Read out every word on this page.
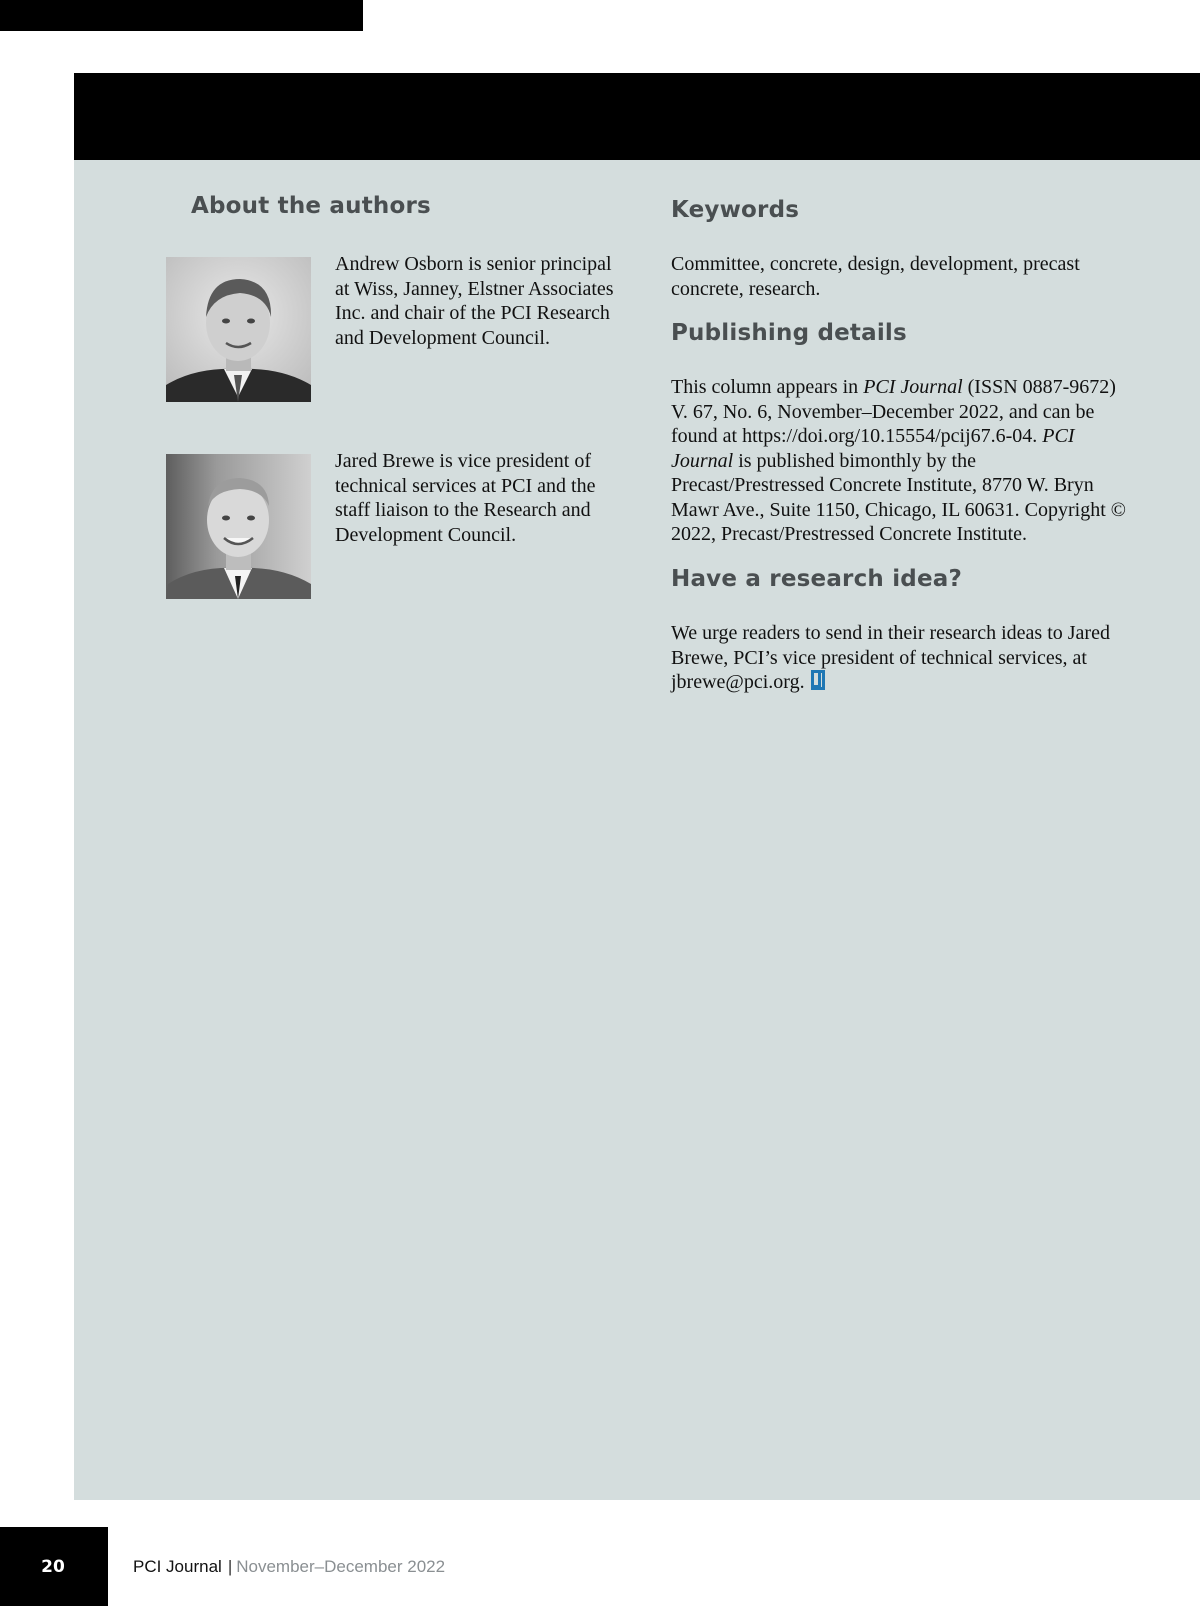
About the authors

Andrew Osborn is senior principal at Wiss, Janney, Elstner Associates Inc. and chair of the PCI Research and Development Council.

Jared Brewe is vice president of technical services at PCI and the staff liaison to the Research and Development Council.

Keywords

Committee, concrete, design, development, precast concrete, research.

Publishing details

This column appears in PCI Journal (ISSN 0887-9672) V. 67, No. 6, November–December 2022, and can be found at https://doi.org/10.15554/pcij67.6-04. PCI Journal is published bimonthly by the Precast/Prestressed Concrete Institute, 8770 W. Bryn Mawr Ave., Suite 1150, Chicago, IL 60631. Copyright © 2022, Precast/Prestressed Concrete Institute.

Have a research idea?

We urge readers to send in their research ideas to Jared Brewe, PCI’s vice president of technical services, at jbrewe@pci.org.

20	PCI Journal | November–December 2022
